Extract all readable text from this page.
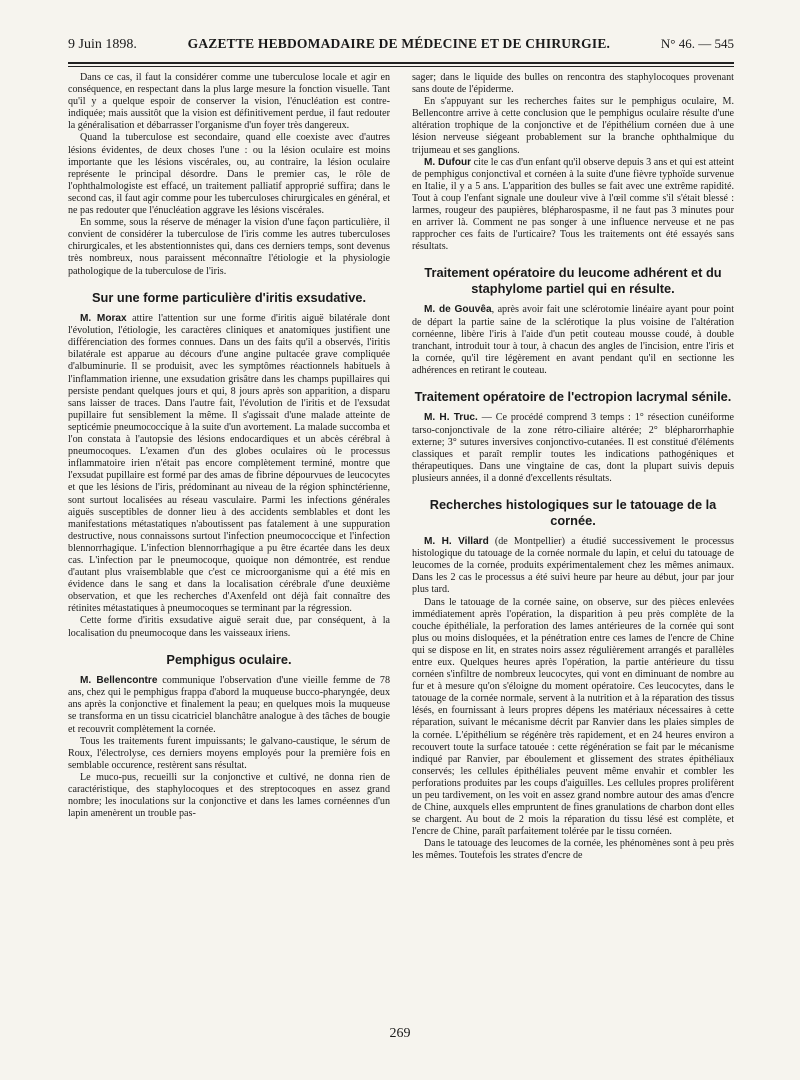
9 Juin 1898.	GAZETTE HEBDOMADAIRE DE MÉDECINE ET DE CHIRURGIE.	N° 46. — 545

Dans ce cas, il faut la considérer comme une tuberculose locale et agir en conséquence, en respectant dans la plus large mesure la fonction visuelle. Tant qu'il y a quelque espoir de conserver la vision, l'énucléation est contre-indiquée; mais aussitôt que la vision est définitivement perdue, il faut redouter la généralisation et débarrasser l'organisme d'un foyer très dangereux.

Quand la tuberculose est secondaire, quand elle coexiste avec d'autres lésions évidentes, de deux choses l'une : ou la lésion oculaire est moins importante que les lésions viscérales, ou, au contraire, la lésion oculaire représente le principal désordre. Dans le premier cas, le rôle de l'ophthalmologiste est effacé, un traitement palliatif approprié suffira; dans le second cas, il faut agir comme pour les tuberculoses chirurgicales en général, et ne pas redouter que l'énucléation aggrave les lésions viscérales.

En somme, sous la réserve de ménager la vision d'une façon particulière, il convient de considérer la tuberculose de l'iris comme les autres tuberculoses chirurgicales, et les abstentionnistes qui, dans ces derniers temps, sont devenus très nombreux, nous paraissent méconnaître l'étiologie et la physiologie pathologique de la tuberculose de l'iris.

Sur une forme particulière d'iritis exsudative.

M. Morax attire l'attention sur une forme d'iritis aiguë bilatérale dont l'évolution, l'étiologie, les caractères cliniques et anatomiques justifient une différenciation des formes connues. Dans un des faits qu'il a observés, l'iritis bilatérale est apparue au décours d'une angine pultacée grave compliquée d'albuminurie. Il se produisit, avec les symptômes réactionnels habituels à l'inflammation irienne, une exsudation grisâtre dans les champs pupillaires qui persiste pendant quelques jours et qui, 8 jours après son apparition, a disparu sans laisser de traces. Dans l'autre fait, l'évolution de l'iritis et de l'exsudat pupillaire fut sensiblement la même. Il s'agissait d'une malade atteinte de septicémie pneumococcique à la suite d'un avortement. La malade succomba et l'on constata à l'autopsie des lésions endocardiques et un abcès cérébral à pneumocoques. L'examen d'un des globes oculaires où le processus inflammatoire irien n'était pas encore complètement terminé, montre que l'exsudat pupillaire est formé par des amas de fibrine dépourvues de leucocytes et que les lésions de l'iris, prédominant au niveau de la région sphinctérienne, sont surtout localisées au réseau vasculaire. Parmi les infections générales aiguës susceptibles de donner lieu à des accidents semblables et dont les manifestations métastatiques n'aboutissent pas fatalement à une suppuration destructive, nous connaissons surtout l'infection pneumococcique et l'infection blennorrhagique. L'infection blennorrhagique a pu être écartée dans les deux cas. L'infection par le pneumocoque, quoique non démontrée, est rendue d'autant plus vraisemblable que c'est ce microorganisme qui a été mis en évidence dans le sang et dans la localisation cérébrale d'une deuxième observation, et que les recherches d'Axenfeld ont déjà fait connaître des rétinites métastatiques à pneumocoques se terminant par la régression.

Cette forme d'iritis exsudative aiguë serait due, par conséquent, à la localisation du pneumocoque dans les vaisseaux iriens.

Pemphigus oculaire.

M. Bellencontre communique l'observation d'une vieille femme de 78 ans, chez qui le pemphigus frappa d'abord la muqueuse bucco-pharyngée, deux ans après la conjonctive et finalement la peau; en quelques mois la muqueuse se transforma en un tissu cicatriciel blanchâtre analogue à des tâches de bougie et recouvrit complètement la cornée.

Tous les traitements furent impuissants; le galvano-caustique, le sérum de Roux, l'électrolyse, ces derniers moyens employés pour la première fois en semblable occurence, restèrent sans résultat.

Le muco-pus, recueilli sur la conjonctive et cultivé, ne donna rien de caractéristique, des staphylocoques et des streptocoques en assez grand nombre; les inoculations sur la conjonctive et dans les lames cornéennes d'un lapin amenèrent un trouble pas-

sager; dans le liquide des bulles on rencontra des staphylocoques provenant sans doute de l'épiderme.

En s'appuyant sur les recherches faites sur le pemphigus oculaire, M. Bellencontre arrive à cette conclusion que le pemphigus oculaire résulte d'une altération trophique de la conjonctive et de l'épithélium cornéen due à une lésion nerveuse siégeant probablement sur la branche ophthalmique du trijumeau et ses ganglions.

M. Dufour cite le cas d'un enfant qu'il observe depuis 3 ans et qui est atteint de pemphigus conjonctival et cornéen à la suite d'une fièvre typhoïde survenue en Italie, il y a 5 ans. L'apparition des bulles se fait avec une extrême rapidité. Tout à coup l'enfant signale une douleur vive à l'œil comme s'il s'était blessé : larmes, rougeur des paupières, blépharospasme, il ne faut pas 3 minutes pour en arriver là. Comment ne pas songer à une influence nerveuse et ne pas rapprocher ces faits de l'urticaire? Tous les traitements ont été essayés sans résultats.

Traitement opératoire du leucome adhérent et du staphylome partiel qui en résulte.

M. de Gouvêa, après avoir fait une sclérotomie linéaire ayant pour point de départ la partie saine de la sclérotique la plus voisine de l'altération cornéenne, libère l'iris à l'aide d'un petit couteau mousse coudé, à double tranchant, introduit tour à tour, à chacun des angles de l'incision, entre l'iris et la cornée, qu'il tire légèrement en avant pendant qu'il en sectionne les adhérences en retirant le couteau.

Traitement opératoire de l'ectropion lacrymal sénile.

M. H. Truc. — Ce procédé comprend 3 temps : 1° résection cunéiforme tarso-conjonctivale de la zone rétro-ciliaire altérée; 2° blépharorrhaphie externe; 3° sutures inversives conjonctivo-cutanées. Il est constitué d'éléments classiques et paraît remplir toutes les indications pathogéniques et thérapeutiques. Dans une vingtaine de cas, dont la plupart suivis depuis plusieurs années, il a donné d'excellents résultats.

Recherches histologiques sur le tatouage de la cornée.

M. H. Villard (de Montpellier) a étudié successivement le processus histologique du tatouage de la cornée normale du lapin, et celui du tatouage de leucomes de la cornée, produits expérimentalement chez les mêmes animaux. Dans les 2 cas le processus a été suivi heure par heure au début, jour par jour plus tard.

Dans le tatouage de la cornée saine, on observe, sur des pièces enlevées immédiatement après l'opération, la disparition à peu près complète de la couche épithéliale, la perforation des lames antérieures de la cornée qui sont plus ou moins disloquées, et la pénétration entre ces lames de l'encre de Chine qui se dispose en lit, en strates noirs assez régulièrement arrangés et parallèles entre eux. Quelques heures après l'opération, la partie antérieure du tissu cornéen s'infiltre de nombreux leucocytes, qui vont en diminuant de nombre au fur et à mesure qu'on s'éloigne du moment opératoire. Ces leucocytes, dans le tatouage de la cornée normale, servent à la nutrition et à la réparation des tissus lésés, en fournissant à leurs propres dépens les matériaux nécessaires à cette réparation, suivant le mécanisme décrit par Ranvier dans les plaies simples de la cornée. L'épithélium se régénère très rapidement, et en 24 heures environ a recouvert toute la surface tatouée : cette régénération se fait par le mécanisme indiqué par Ranvier, par éboulement et glissement des strates épithéliaux conservés; les cellules épithéliales peuvent même envahir et combler les perforations produites par les coups d'aiguilles. Les cellules propres prolifèrent un peu tardivement, on les voit en assez grand nombre autour des amas d'encre de Chine, auxquels elles empruntent de fines granulations de charbon dont elles se chargent. Au bout de 2 mois la réparation du tissu lésé est complète, et l'encre de Chine, paraît parfaitement tolérée par le tissu cornéen.

Dans le tatouage des leucomes de la cornée, les phénomènes sont à peu près les mêmes. Toutefois les strates d'encre de

269
